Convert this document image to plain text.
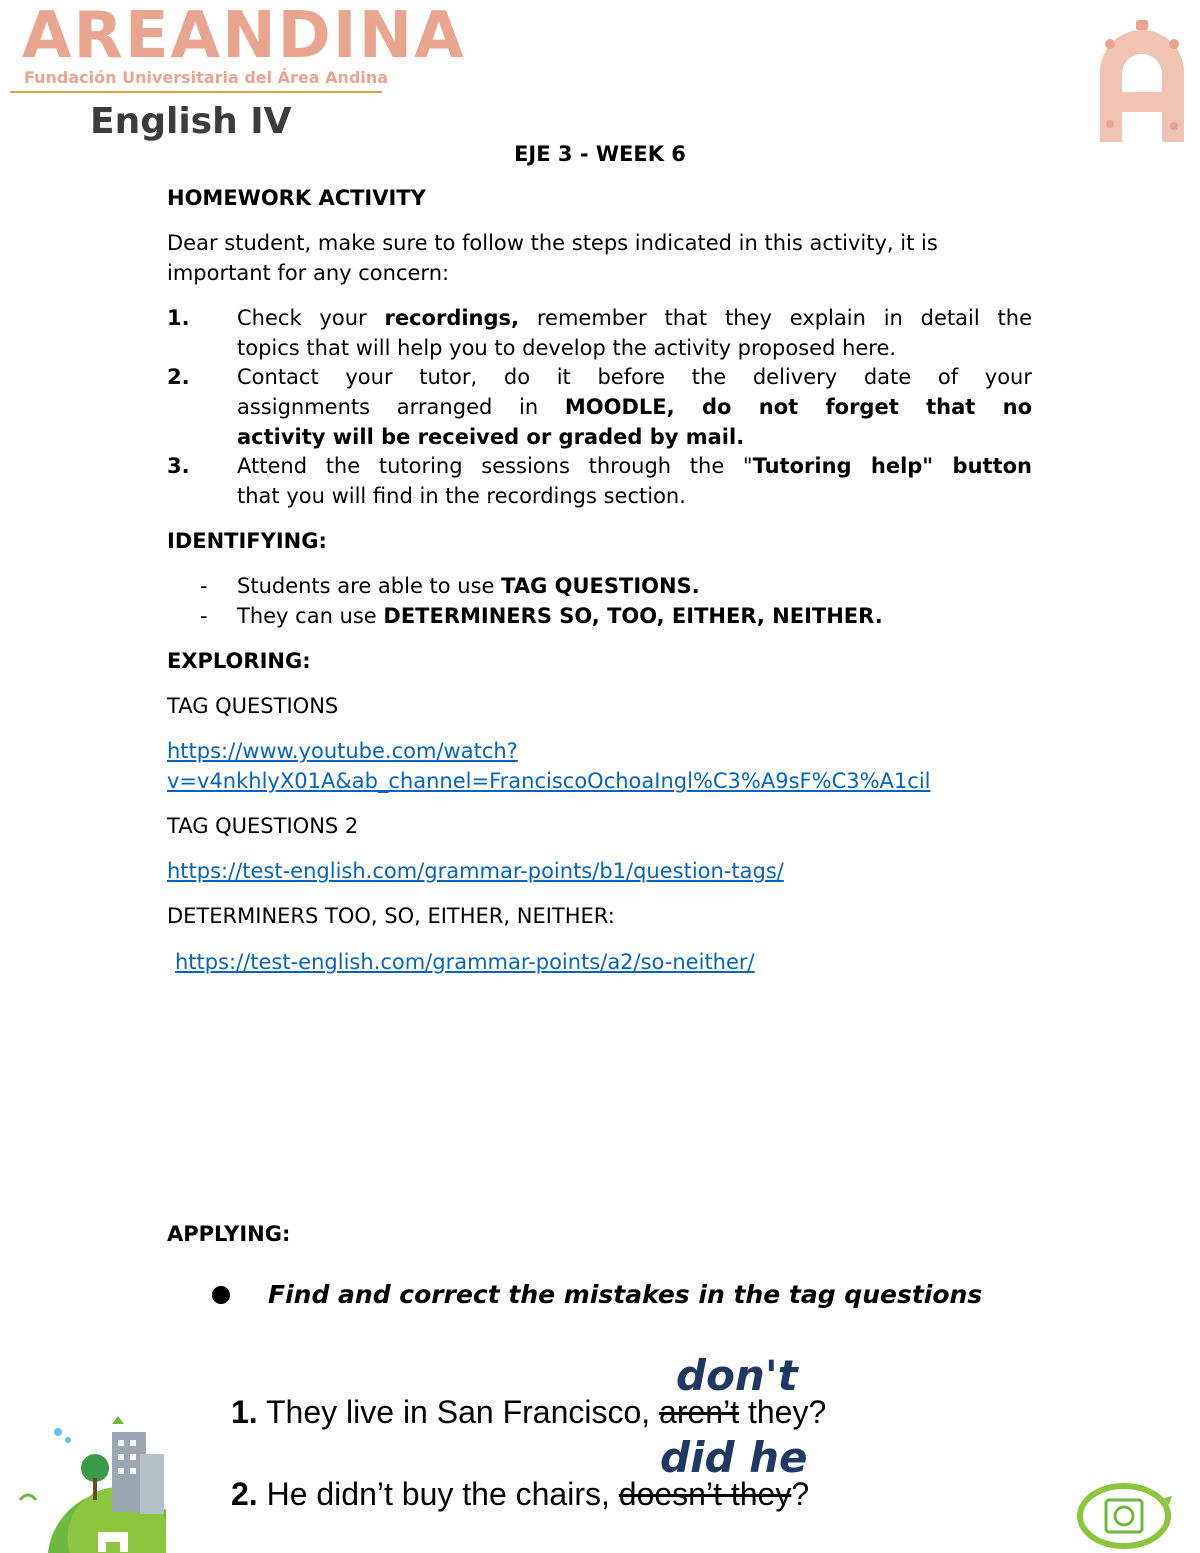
AREANDINA
Fundación Universitaria del Área Andina
English IV
EJE 3 - WEEK 6
HOMEWORK ACTIVITY
Dear student, make sure to follow the steps indicated in this activity, it is
important for any concern:
1.	Check your recordings, remember that they explain in detail the
topics that will help you to develop the activity proposed here.
2.	Contact your tutor, do it before the delivery date of your
assignments arranged in MOODLE, do not forget that no
activity will be received or graded by mail.
3.	Attend the tutoring sessions through the "Tutoring help" button
that you will find in the recordings section.
IDENTIFYING:
- Students are able to use TAG QUESTIONS.
- They can use DETERMINERS SO, TOO, EITHER, NEITHER.
EXPLORING:
TAG QUESTIONS
https://www.youtube.com/watch?
v=v4nkhlyX01A&ab_channel=FranciscoOchoaIngl%C3%A9sF%C3%A1cil
TAG QUESTIONS 2
https://test-english.com/grammar-points/b1/question-tags/
DETERMINERS TOO, SO, EITHER, NEITHER:
https://test-english.com/grammar-points/a2/so-neither/
APPLYING:
Find and correct the mistakes in the tag questions
don't
1. They live in San Francisco, aren’t they?
did he
2. He didn’t buy the chairs, doesn’t they?
